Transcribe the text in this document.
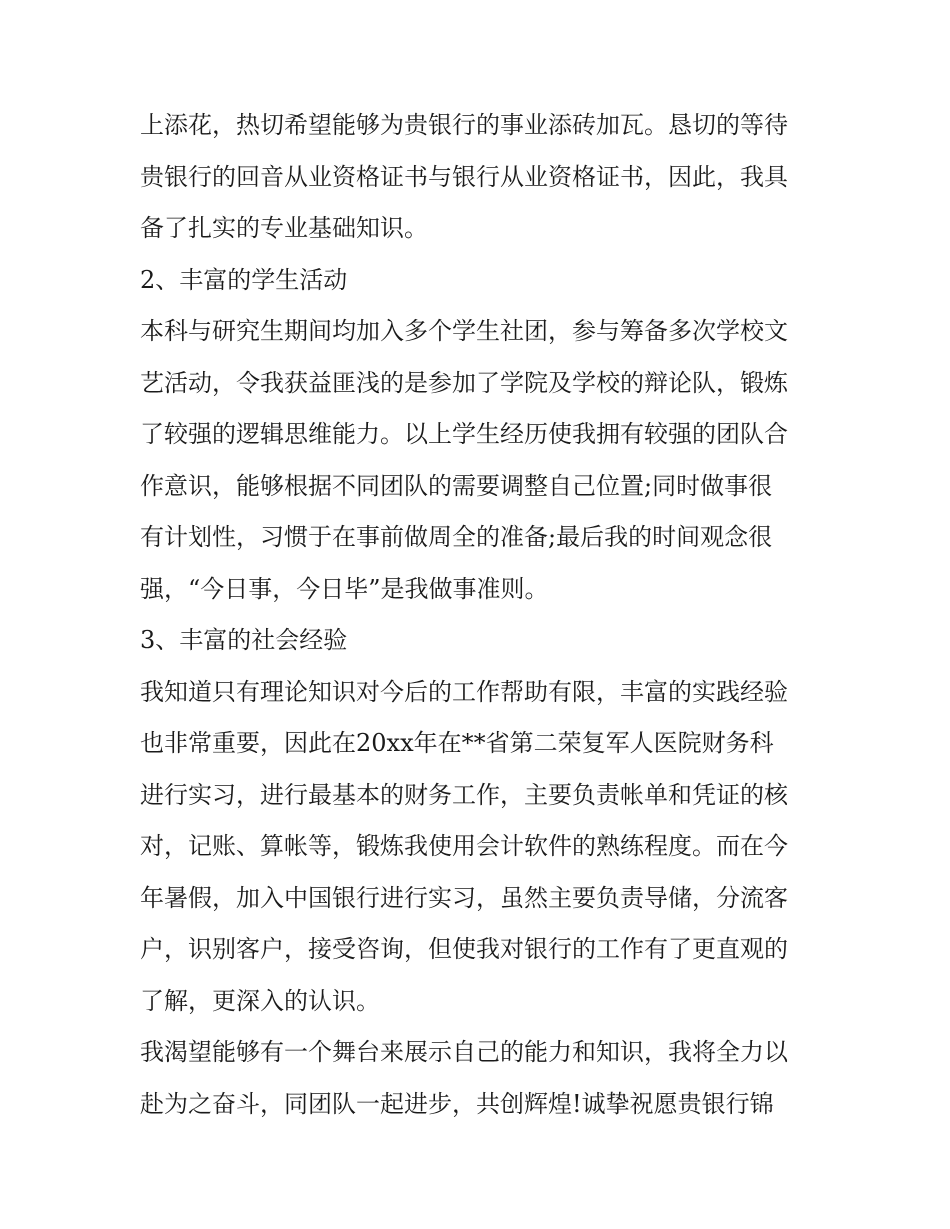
上添花，热切希望能够为贵银行的事业添砖加瓦。恳切的等待
贵银行的回音从业资格证书与银行从业资格证书，因此，我具
备了扎实的专业基础知识。
2、丰富的学生活动
本科与研究生期间均加入多个学生社团，参与筹备多次学校文
艺活动，令我获益匪浅的是参加了学院及学校的辩论队，锻炼
了较强的逻辑思维能力。以上学生经历使我拥有较强的团队合
作意识，能够根据不同团队的需要调整自己位置;同时做事很
有计划性，习惯于在事前做周全的准备;最后我的时间观念很
强，“今日事，今日毕”是我做事准则。
3、丰富的社会经验
我知道只有理论知识对今后的工作帮助有限，丰富的实践经验
也非常重要，因此在20xx年在**省第二荣复军人医院财务科
进行实习，进行最基本的财务工作，主要负责帐单和凭证的核
对，记账、算帐等，锻炼我使用会计软件的熟练程度。而在今
年暑假，加入中国银行进行实习，虽然主要负责导储，分流客
户，识别客户，接受咨询，但使我对银行的工作有了更直观的
了解，更深入的认识。
我渴望能够有一个舞台来展示自己的能力和知识，我将全力以
赴为之奋斗，同团队一起进步，共创辉煌!诚挚祝愿贵银行锦
